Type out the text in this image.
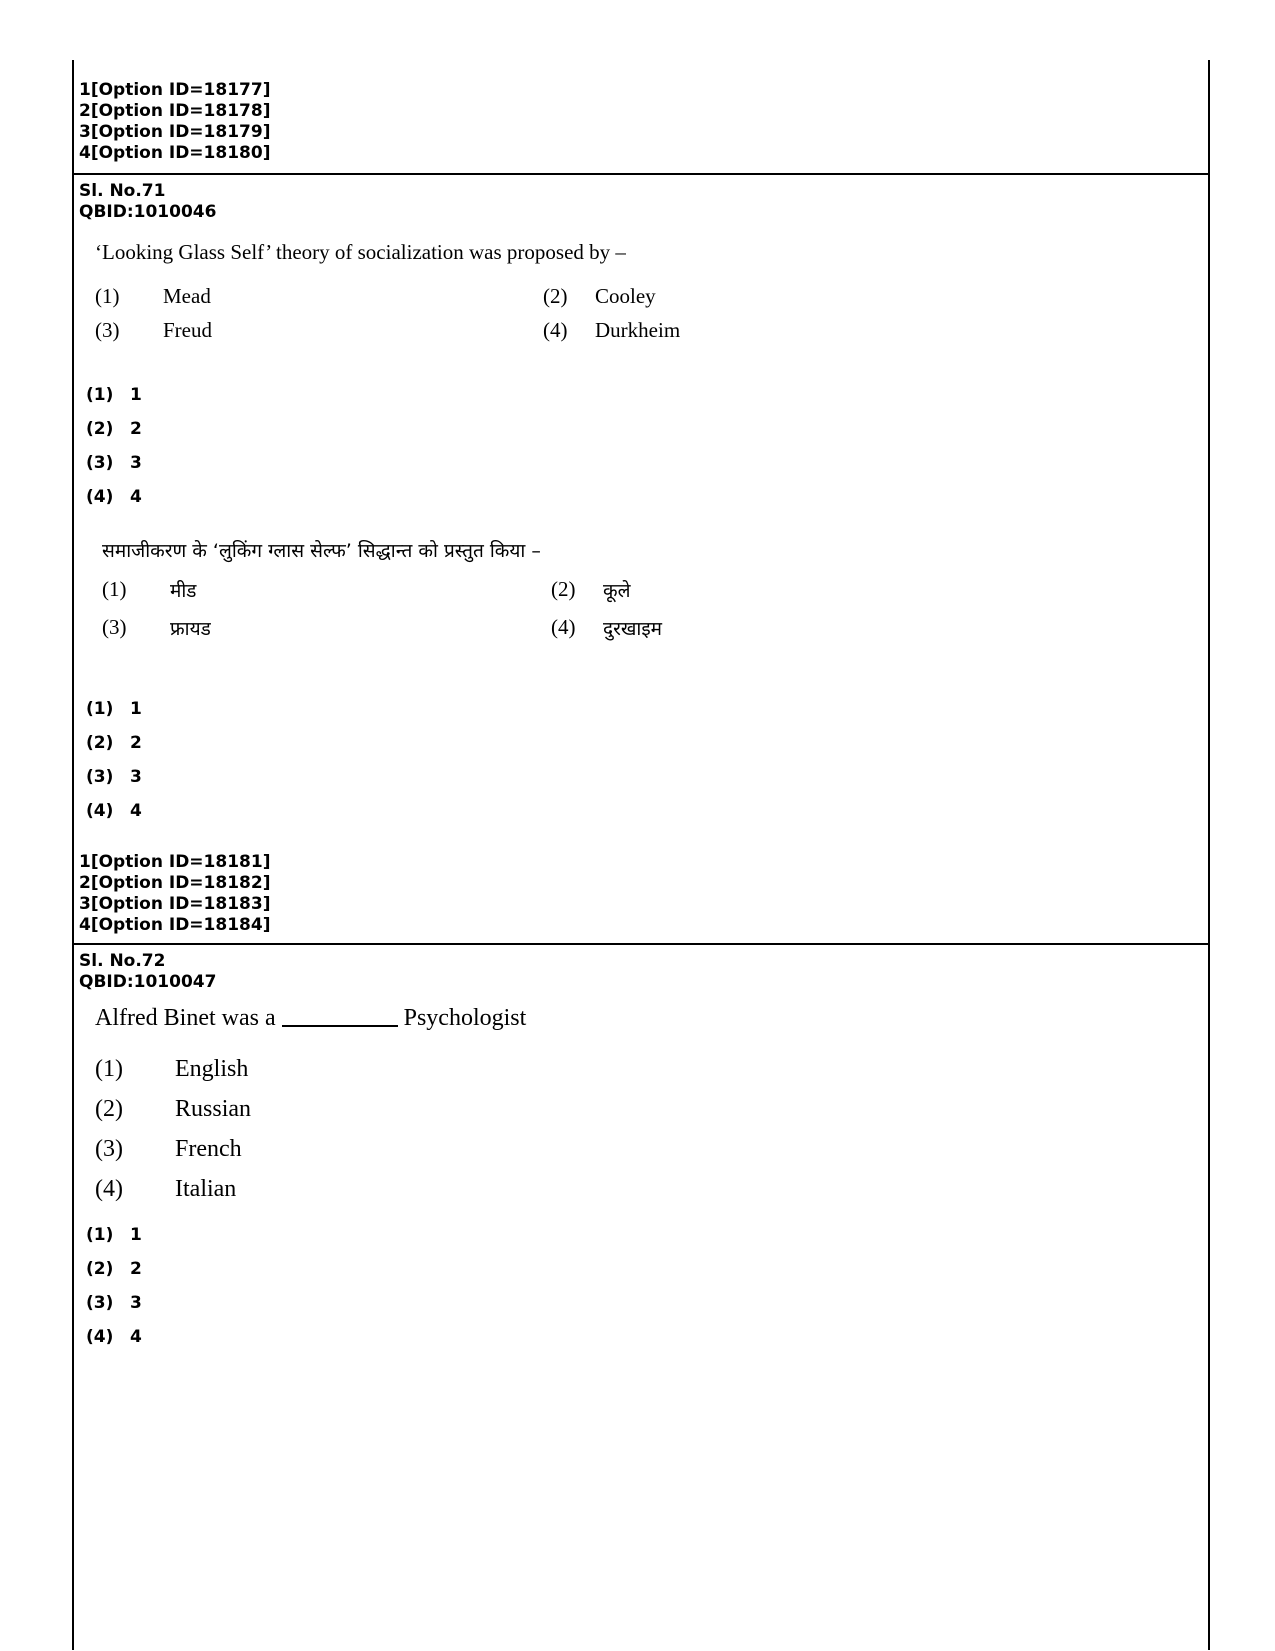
1[Option ID=18177]
2[Option ID=18178]
3[Option ID=18179]
4[Option ID=18180]
Sl. No.71
QBID:1010046
‘Looking Glass Self’ theory of socialization was proposed by –
(1) Mead	(2) Cooley
(3) Freud	(4) Durkheim
(1) 1
(2) 2
(3) 3
(4) 4
समाजीकरण के ‘लुकिंग ग्लास सेल्फ’ सिद्धान्त को प्रस्तुत किया –
(1) मीड	(2) कूले
(3) फ्रायड	(4) दुरखाइम
(1) 1
(2) 2
(3) 3
(4) 4
1[Option ID=18181]
2[Option ID=18182]
3[Option ID=18183]
4[Option ID=18184]
Sl. No.72
QBID:1010047
Alfred Binet was a	Psychologist
(1) English
(2) Russian
(3) French
(4) Italian
(1) 1
(2) 2
(3) 3
(4) 4
